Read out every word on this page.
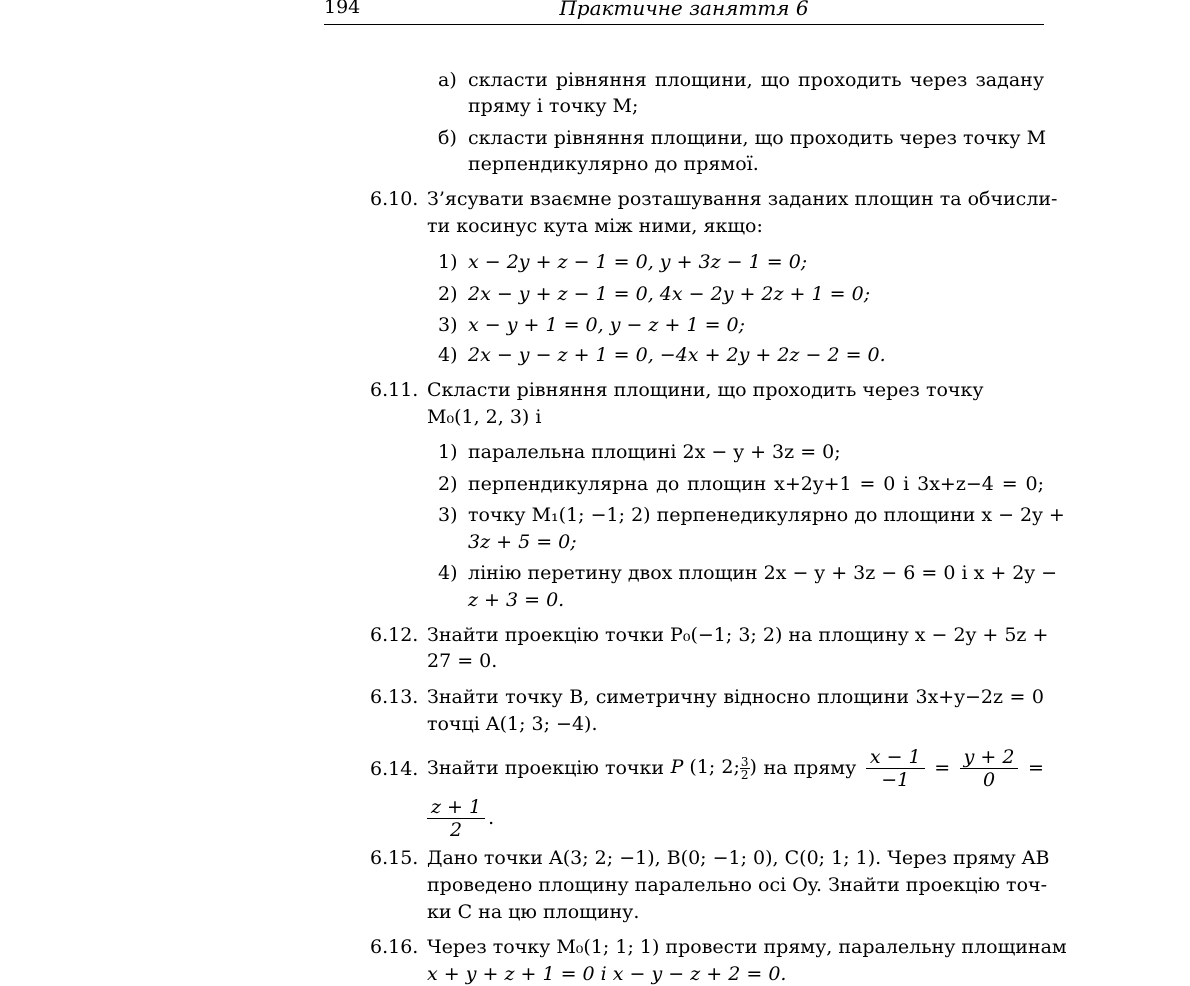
194	Практичне заняття 6
а) скласти рівняння площини, що проходить через задану
пряму і точку M;
б) скласти рівняння площини, що проходить через точку M
перпендикулярно до прямої.
6.10. З’ясувати взаємне розташування заданих площин та обчисли-
ти косинус кута між ними, якщо:
1) x − 2y + z − 1 = 0, y + 3z − 1 = 0;
2) 2x − y + z − 1 = 0, 4x − 2y + 2z + 1 = 0;
3) x − y + 1 = 0, y − z + 1 = 0;
4) 2x − y − z + 1 = 0, −4x + 2y + 2z − 2 = 0.
6.11. Скласти рівняння площини, що проходить через точку
M₀(1, 2, 3) і
1) паралельна площині 2x − y + 3z = 0;
2) перпендикулярна до площин x+2y+1 = 0 і 3x+z−4 = 0;
3) точку M₁(1; −1; 2) перпенедикулярно до площини x − 2y +
3z + 5 = 0;
4) лінію перетину двох площин 2x − y + 3z − 6 = 0 і x + 2y −
z + 3 = 0.
6.12. Знайти проекцію точки P₀(−1; 3; 2) на площину x − 2y + 5z +
27 = 0.
6.13. Знайти точку B, симетричну відносно площини 3x+y−2z = 0
точці A(1; 3; −4).
6.14. Знайти проекцію точки P (1; 2; $\frac{3}{2}$) на пряму $\frac{x - 1}{-1} = \frac{y + 2}{0}$ =
$\frac{z + 1}{2}$ .
6.15. Дано точки A(3; 2; −1), B(0; −1; 0), C(0; 1; 1). Через пряму AB
проведено площину паралельно осі Oy. Знайти проекцію точ-
ки C на цю площину.
6.16. Через точку M₀(1; 1; 1) провести пряму, паралельну площинам
x + y + z + 1 = 0 і x − y − z + 2 = 0.
